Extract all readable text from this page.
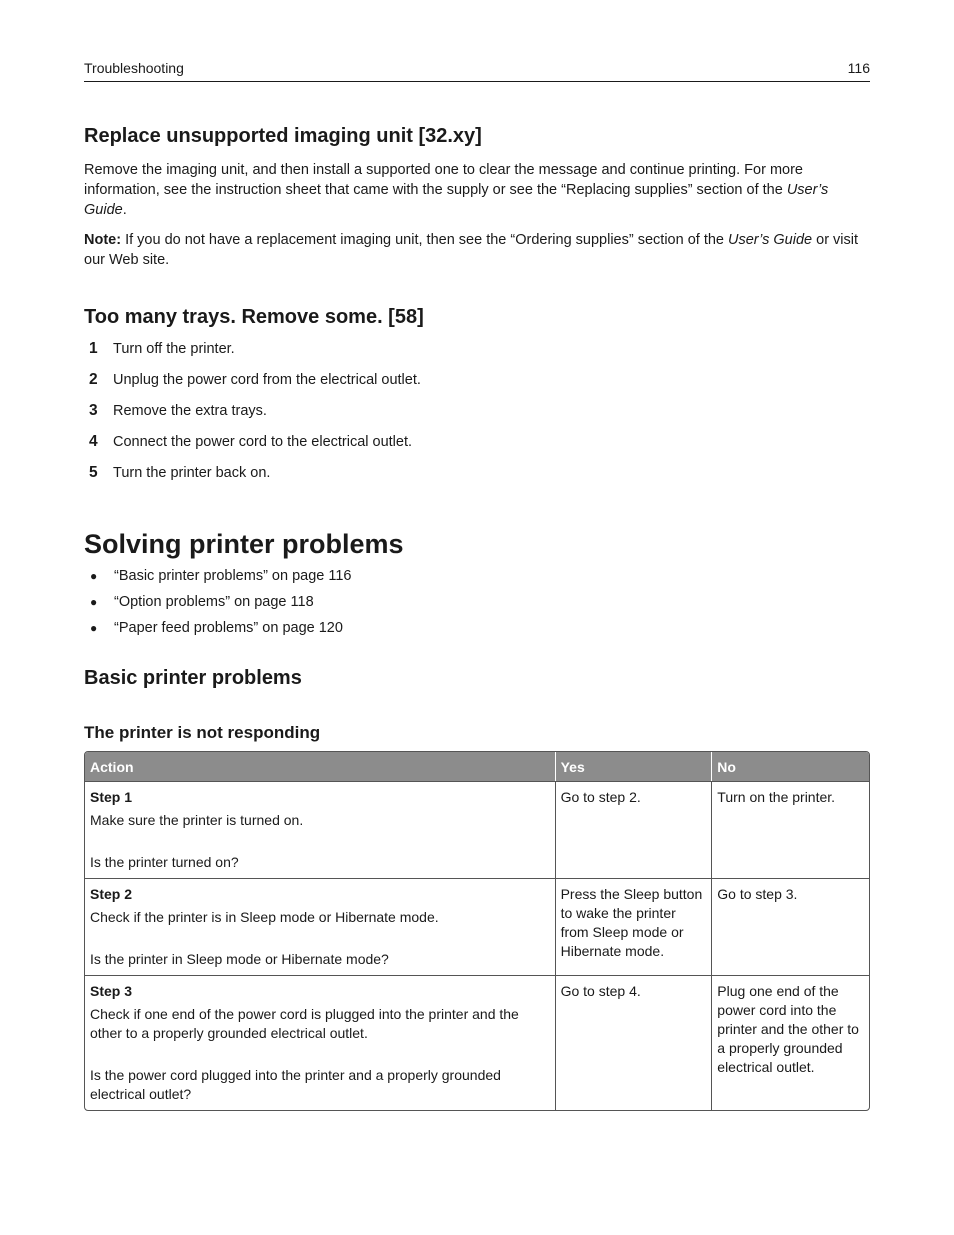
Troubleshooting	116
Replace unsupported imaging unit [32.xy]

Remove the imaging unit, and then install a supported one to clear the message and continue printing. For more information, see the instruction sheet that came with the supply or see the “Replacing supplies” section of the User’s Guide.

Note: If you do not have a replacement imaging unit, then see the “Ordering supplies” section of the User’s Guide or visit our Web site.

Too many trays. Remove some. [58]
1	Turn off the printer.
2	Unplug the power cord from the electrical outlet.
3	Remove the extra trays.
4	Connect the power cord to the electrical outlet.
5	Turn the printer back on.
Solving printer problems
●	“Basic printer problems” on page 116
●	“Option problems” on page 118
●	“Paper feed problems” on page 120
Basic printer problems
The printer is not responding
Action	Yes	No

Step 1
Make sure the printer is turned on.
Is the printer turned on?	Go to step 2.	Turn on the printer.

Step 2
Check if the printer is in Sleep mode or Hibernate mode.
Is the printer in Sleep mode or Hibernate mode?	Press the Sleep button to wake the printer from Sleep mode or Hibernate mode.	Go to step 3.

Step 3
Check if one end of the power cord is plugged into the printer and the other to a properly grounded electrical outlet.
Is the power cord plugged into the printer and a properly grounded electrical outlet?	Go to step 4.	Plug one end of the power cord into the printer and the other to a properly grounded electrical outlet.
